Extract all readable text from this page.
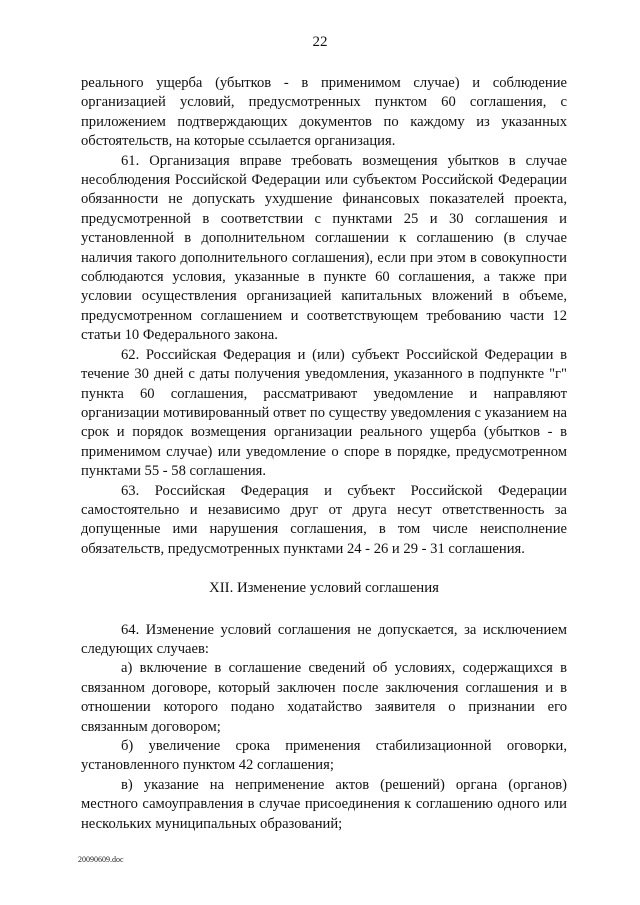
22

реального ущерба (убытков - в применимом случае) и соблюдение организацией условий, предусмотренных пунктом 60 соглашения, с приложением подтверждающих документов по каждому из указанных обстоятельств, на которые ссылается организация.

61. Организация вправе требовать возмещения убытков в случае несоблюдения Российской Федерации или субъектом Российской Федерации обязанности не допускать ухудшение финансовых показателей проекта, предусмотренной в соответствии с пунктами 25 и 30 соглашения и установленной в дополнительном соглашении к соглашению (в случае наличия такого дополнительного соглашения), если при этом в совокупности соблюдаются условия, указанные в пункте 60 соглашения, а также при условии осуществления организацией капитальных вложений в объеме, предусмотренном соглашением и соответствующем требованию части 12 статьи 10 Федерального закона.

62. Российская Федерация и (или) субъект Российской Федерации в течение 30 дней с даты получения уведомления, указанного в подпункте "г" пункта 60 соглашения, рассматривают уведомление и направляют организации мотивированный ответ по существу уведомления с указанием на срок и порядок возмещения организации реального ущерба (убытков - в применимом случае) или уведомление о споре в порядке, предусмотренном пунктами 55 - 58 соглашения.

63. Российская Федерация и субъект Российской Федерации самостоятельно и независимо друг от друга несут ответственность за допущенные ими нарушения соглашения, в том числе неисполнение обязательств, предусмотренных пунктами 24 - 26 и 29 - 31 соглашения.

XII. Изменение условий соглашения

64. Изменение условий соглашения не допускается, за исключением следующих случаев:

а) включение в соглашение сведений об условиях, содержащихся в связанном договоре, который заключен после заключения соглашения и в отношении которого подано ходатайство заявителя о признании его связанным договором;

б) увеличение срока применения стабилизационной оговорки, установленного пунктом 42 соглашения;

в) указание на неприменение актов (решений) органа (органов) местного самоуправления в случае присоединения к соглашению одного или нескольких муниципальных образований;

20090609.doc
